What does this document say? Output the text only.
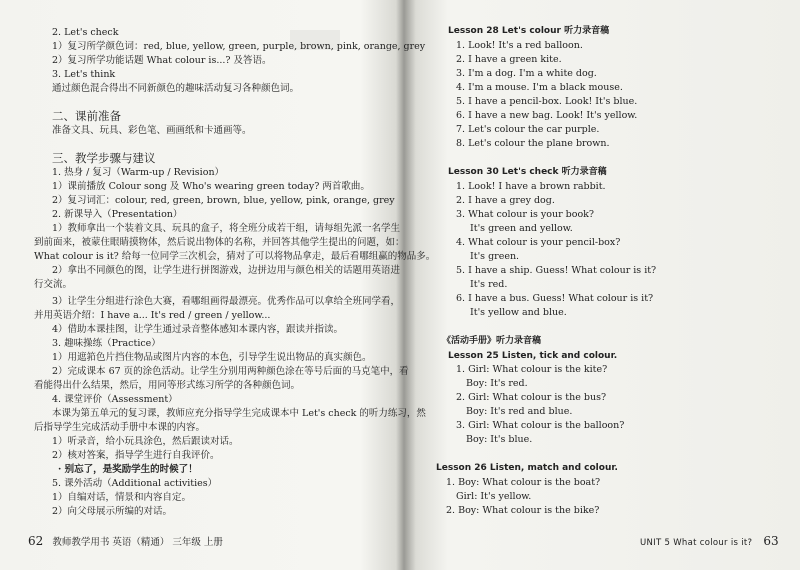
2. Let's check
1）复习所学颜色词：red, blue, yellow, green, purple, brown, pink, orange, grey
2）复习所学功能话题 What colour is...? 及答语。
3. Let's think
通过颜色混合得出不同新颜色的趣味活动复习各种颜色词。
二、课前准备
准备文具、玩具、彩色笔、画画纸和卡通画等。
三、教学步骤与建议
1. 热身 / 复习（Warm-up / Revision）
1）课前播放 Colour song 及 Who's wearing green today? 两首歌曲。
2）复习词汇：colour, red, green, brown, blue, yellow, pink, orange, grey
2. 新课导入（Presentation）
1）教师拿出一个装着文具、玩具的盒子，将全班分成若干组，请每组先派一名学生
到前面来，被蒙住眼睛摸物体，然后说出物体的名称，并回答其他学生提出的问题，如：
What colour is it? 给每一位同学三次机会，猜对了可以将物品拿走，最后看哪组赢的物品多。
2）拿出不同颜色的图，让学生进行拼图游戏，边拼边用与颜色相关的话题用英语进
行交流。
3）让学生分组进行涂色大赛，看哪组画得最漂亮。优秀作品可以拿给全班同学看，
并用英语介绍：I have a... It's red / green / yellow...
4）借助本课挂图，让学生通过录音整体感知本课内容，跟读并指读。
3. 趣味操练（Practice）
1）用遮筘色片挡住物品或图片内容的本色，引导学生说出物品的真实颜色。
2）完成课本 67 页的涂色活动。让学生分别用两种颜色涂在等号后面的马克笔中，看
看能得出什么结果，然后，用同等形式练习所学的各种颜色词。
4. 课堂评价（Assessment）
本课为第五单元的复习课，教师应充分指导学生完成课本中 Let's check 的听力练习，然
后指导学生完成活动手册中本课的内容。
1）听录音，给小玩具涂色，然后跟读对话。
2）核对答案，指导学生进行自我评价。
· 别忘了，是奖励学生的时候了！
5. 课外活动（Additional activities）
1）自编对话，情景和内容自定。
2）向父母展示所编的对话。
62 教师教学用书 英语（精通） 三年级 上册
Lesson 28 Let's colour 听力录音稿
1. Look! It's a red balloon.
2. I have a green kite.
3. I'm a dog. I'm a white dog.
4. I'm a mouse. I'm a black mouse.
5. I have a pencil-box. Look! It's blue.
6. I have a new bag. Look! It's yellow.
7. Let's colour the car purple.
8. Let's colour the plane brown.
Lesson 30 Let's check 听力录音稿
1. Look! I have a brown rabbit.
2. I have a grey dog.
3. What colour is your book?
It's green and yellow.
4. What colour is your pencil-box?
It's green.
5. I have a ship. Guess! What colour is it?
It's red.
6. I have a bus. Guess! What colour is it?
It's yellow and blue.
《活动手册》听力录音稿
Lesson 25 Listen, tick and colour.
1. Girl: What colour is the kite?
Boy: It's red.
2. Girl: What colour is the bus?
Boy: It's red and blue.
3. Girl: What colour is the balloon?
Boy: It's blue.
Lesson 26 Listen, match and colour.
1. Boy: What colour is the boat?
Girl: It's yellow.
2. Boy: What colour is the bike?
UNIT 5 What colour is it? 63
